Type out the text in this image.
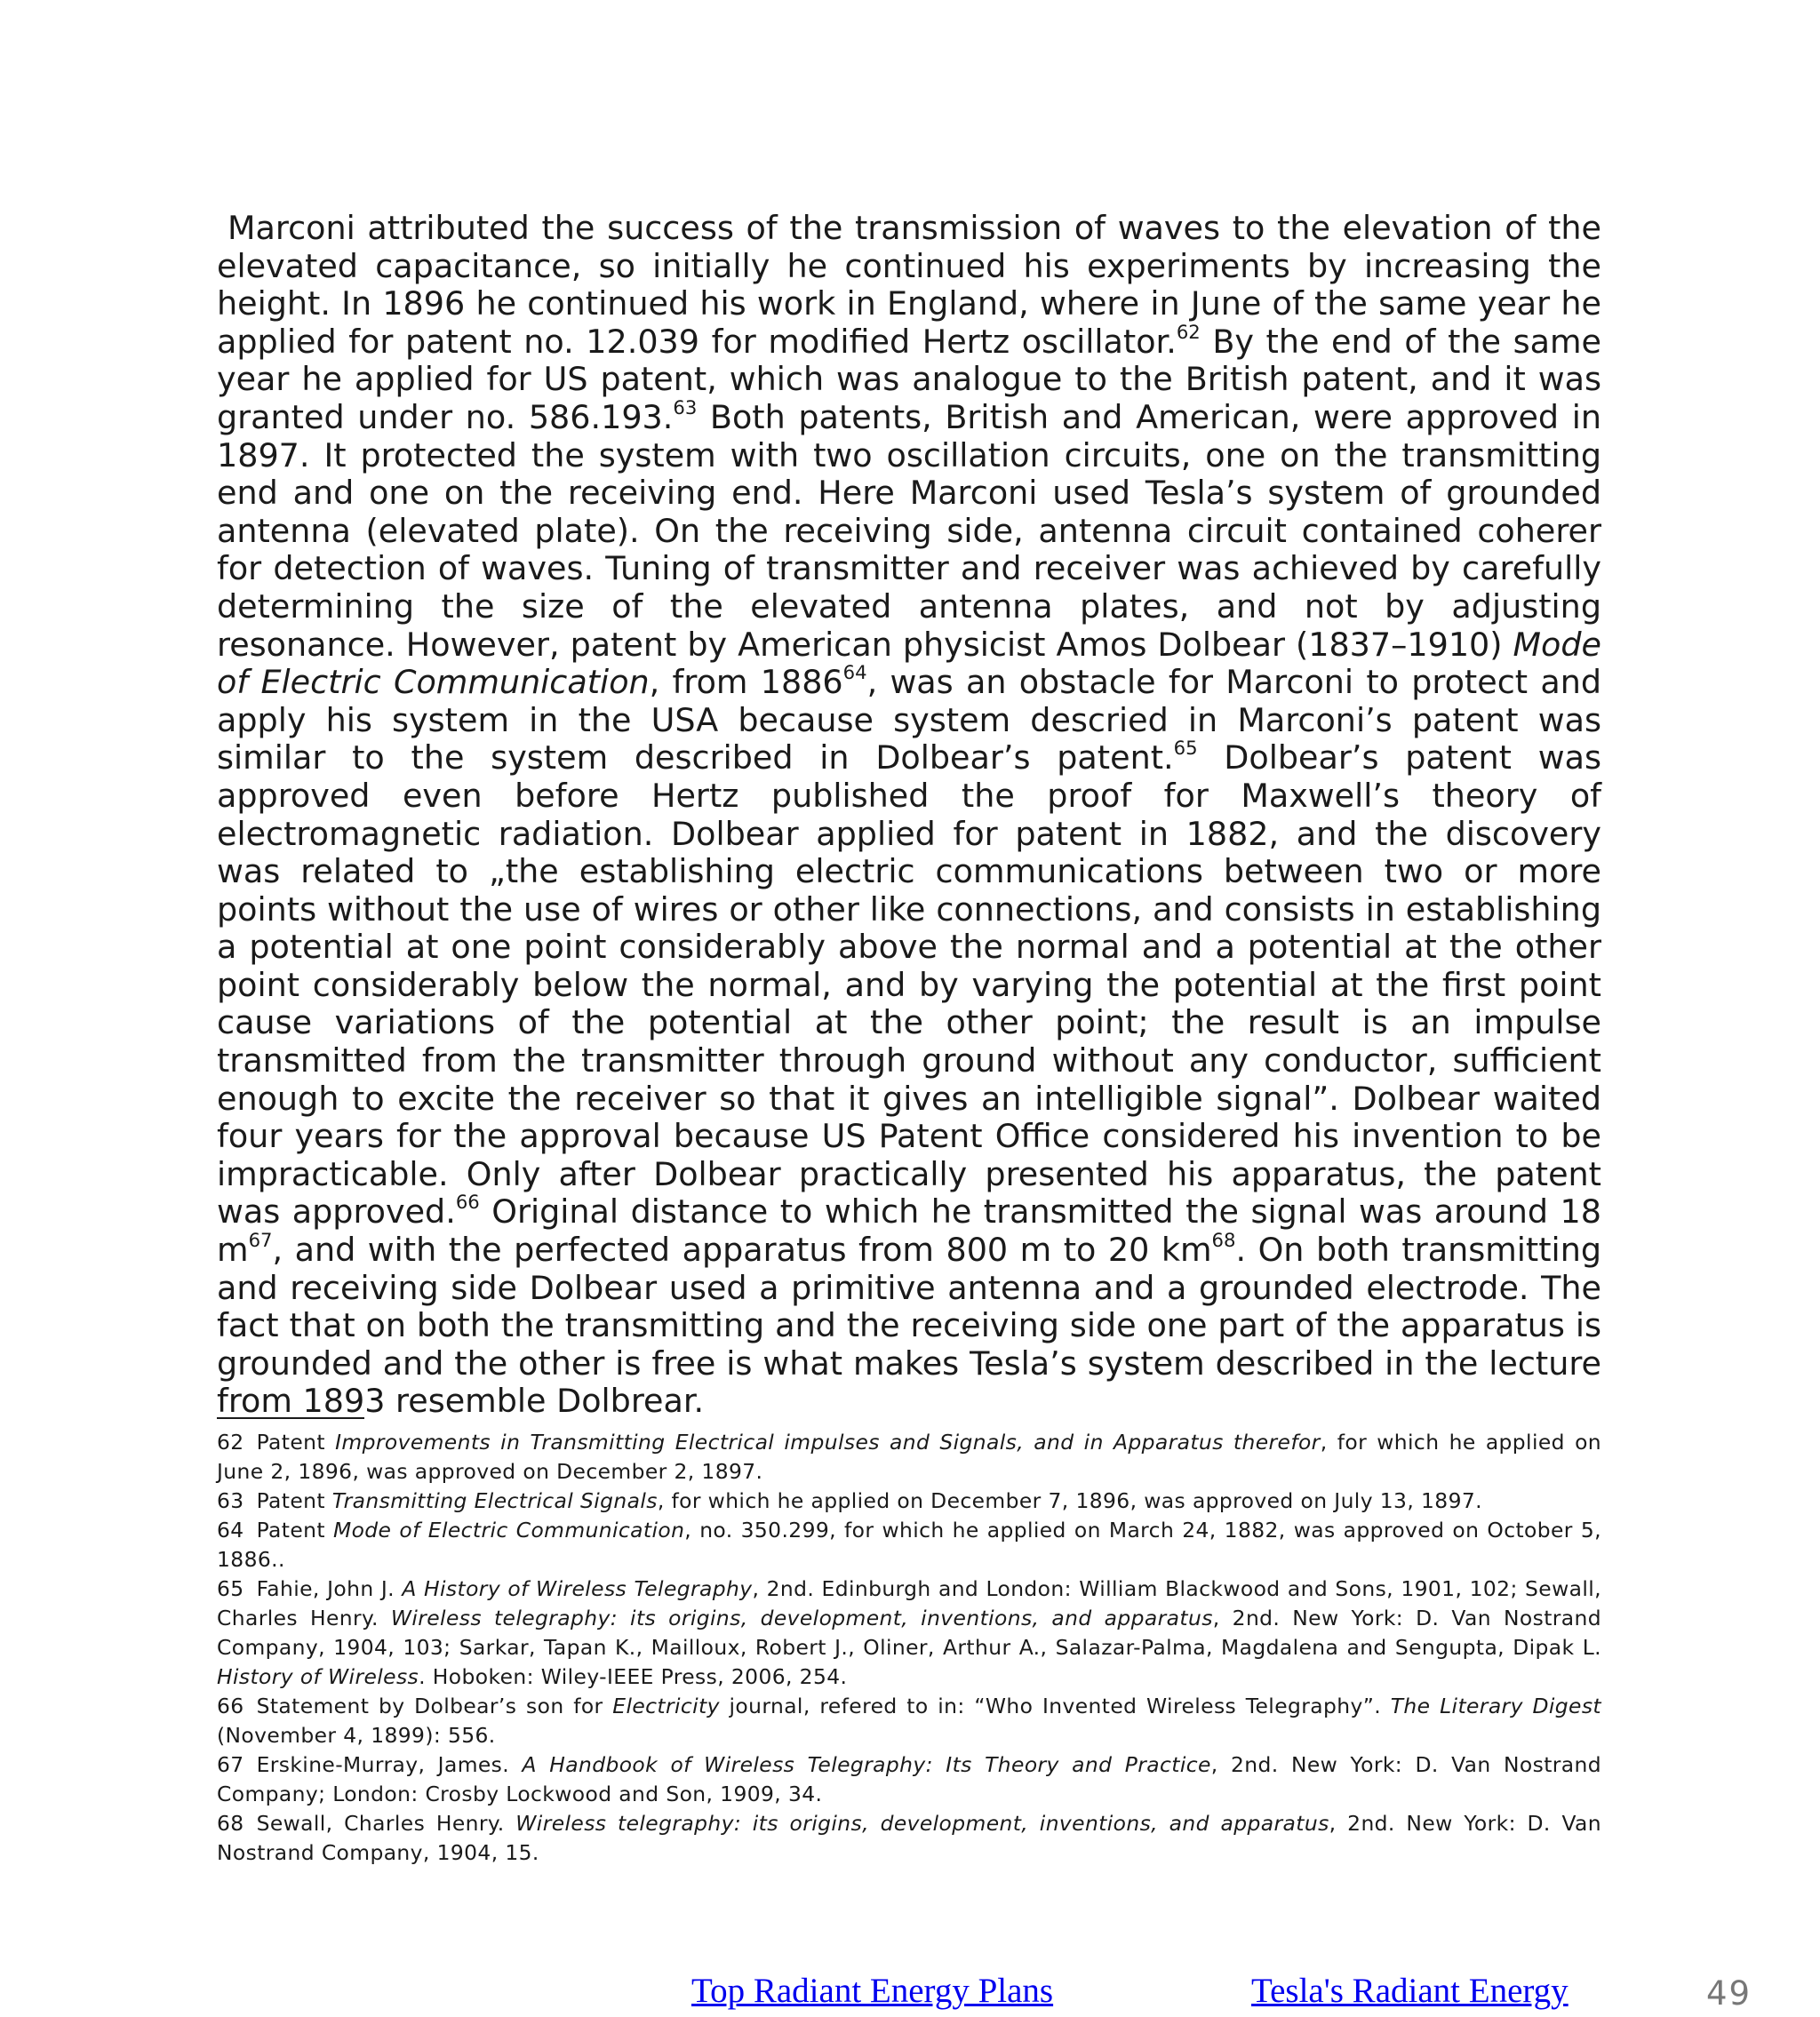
Marconi attributed the success of the transmission of waves to the elevation of the elevated capacitance, so initially he continued his experiments by increasing the height. In 1896 he continued his work in England, where in June of the same year he applied for patent no. 12.039 for modified Hertz oscillator.$^{62}$ By the end of the same year he applied for US patent, which was analogue to the British patent, and it was granted under no. 586.193.63 Both patents, British and American, were approved in 1897. It protected the system with two oscillation circuits, one on the transmitting end and one on the receiving end. Here Marconi used Tesla’s system of grounded antenna (elevated plate). On the receiving side, antenna circuit contained coherer for detection of waves. Tuning of transmitter and receiver was achieved by carefully determining the size of the elevated antenna plates, and not by adjusting resonance. However, patent by American physicist Amos Dolbear (1837–1910) Mode of Electric Communication, from 1886$^{64}$, was an obstacle for Marconi to protect and apply his system in the USA because system descried in Marconi’s patent was similar to the system described in Dolbear’s patent.$^{65}$ Dolbear’s patent was approved even before Hertz published the proof for Maxwell’s theory of electromagnetic radiation. Dolbear applied for patent in 1882, and the discovery was related to „the establishing electric communications between two or more points without the use of wires or other like connections, and consists in establishing a potential at one point considerably above the normal and a potential at the other point considerably below the normal, and by varying the potential at the first point cause variations of the potential at the other point; the result is an impulse transmitted from the transmitter through ground without any conductor, sufficient enough to excite the receiver so that it gives an intelligible signal”. Dolbear waited four years for the approval because US Patent Office considered his invention to be impracticable. Only after Dolbear practically presented his apparatus, the patent was approved.$^{66}$ Original distance to which he transmitted the signal was around 18 $m^{67}$, and with the perfected apparatus from 800 m to 20 $km^{68}$. On both transmitting and receiving side Dolbear used a primitive antenna and a grounded electrode. The fact that on both the transmitting and the receiving side one part of the apparatus is grounded and the other is free is what makes Tesla’s system described in the lecture from 1893 resemble Dolbrear.

62 Patent Improvements in Transmitting Electrical impulses and Signals, and in Apparatus therefor, for which he applied on June 2, 1896, was approved on December 2, 1897.

63 Patent Transmitting Electrical Signals, for which he applied on December 7, 1896, was approved on July 13, 1897.

64 Patent Mode of Electric Communication, no. 350.299, for which he applied on March 24, 1882, was approved on October 5, 1886..

65 Fahie, John J. A History of Wireless Telegraphy, 2nd. Edinburgh and London: William Blackwood and Sons, 1901, 102; Sewall, Charles Henry. Wireless telegraphy: its origins, development, inventions, and apparatus, 2nd. New York: D. Van Nostrand Company, 1904, 103; Sarkar, Tapan K., Mailloux, Robert J., Oliner, Arthur A., Salazar-Palma, Magdalena and Sengupta, Dipak L. History of Wireless. Hoboken: Wiley-IEEE Press, 2006, 254.

66 Statement by Dolbear’s son for Electricity journal, refered to in: “Who Invented Wireless Telegraphy”. The Literary Digest (November 4, 1899): 556.

67 Erskine-Murray, James. A Handbook of Wireless Telegraphy: Its Theory and Practice, 2nd. New York: D. Van Nostrand Company; London: Crosby Lockwood and Son, 1909, 34.

68 Sewall, Charles Henry. Wireless telegraphy: its origins, development, inventions, and apparatus, 2nd. New York: D. Van Nostrand Company, 1904, 15.

Top Radiant Energy Plans	Tesla's Radiant Energy	49
